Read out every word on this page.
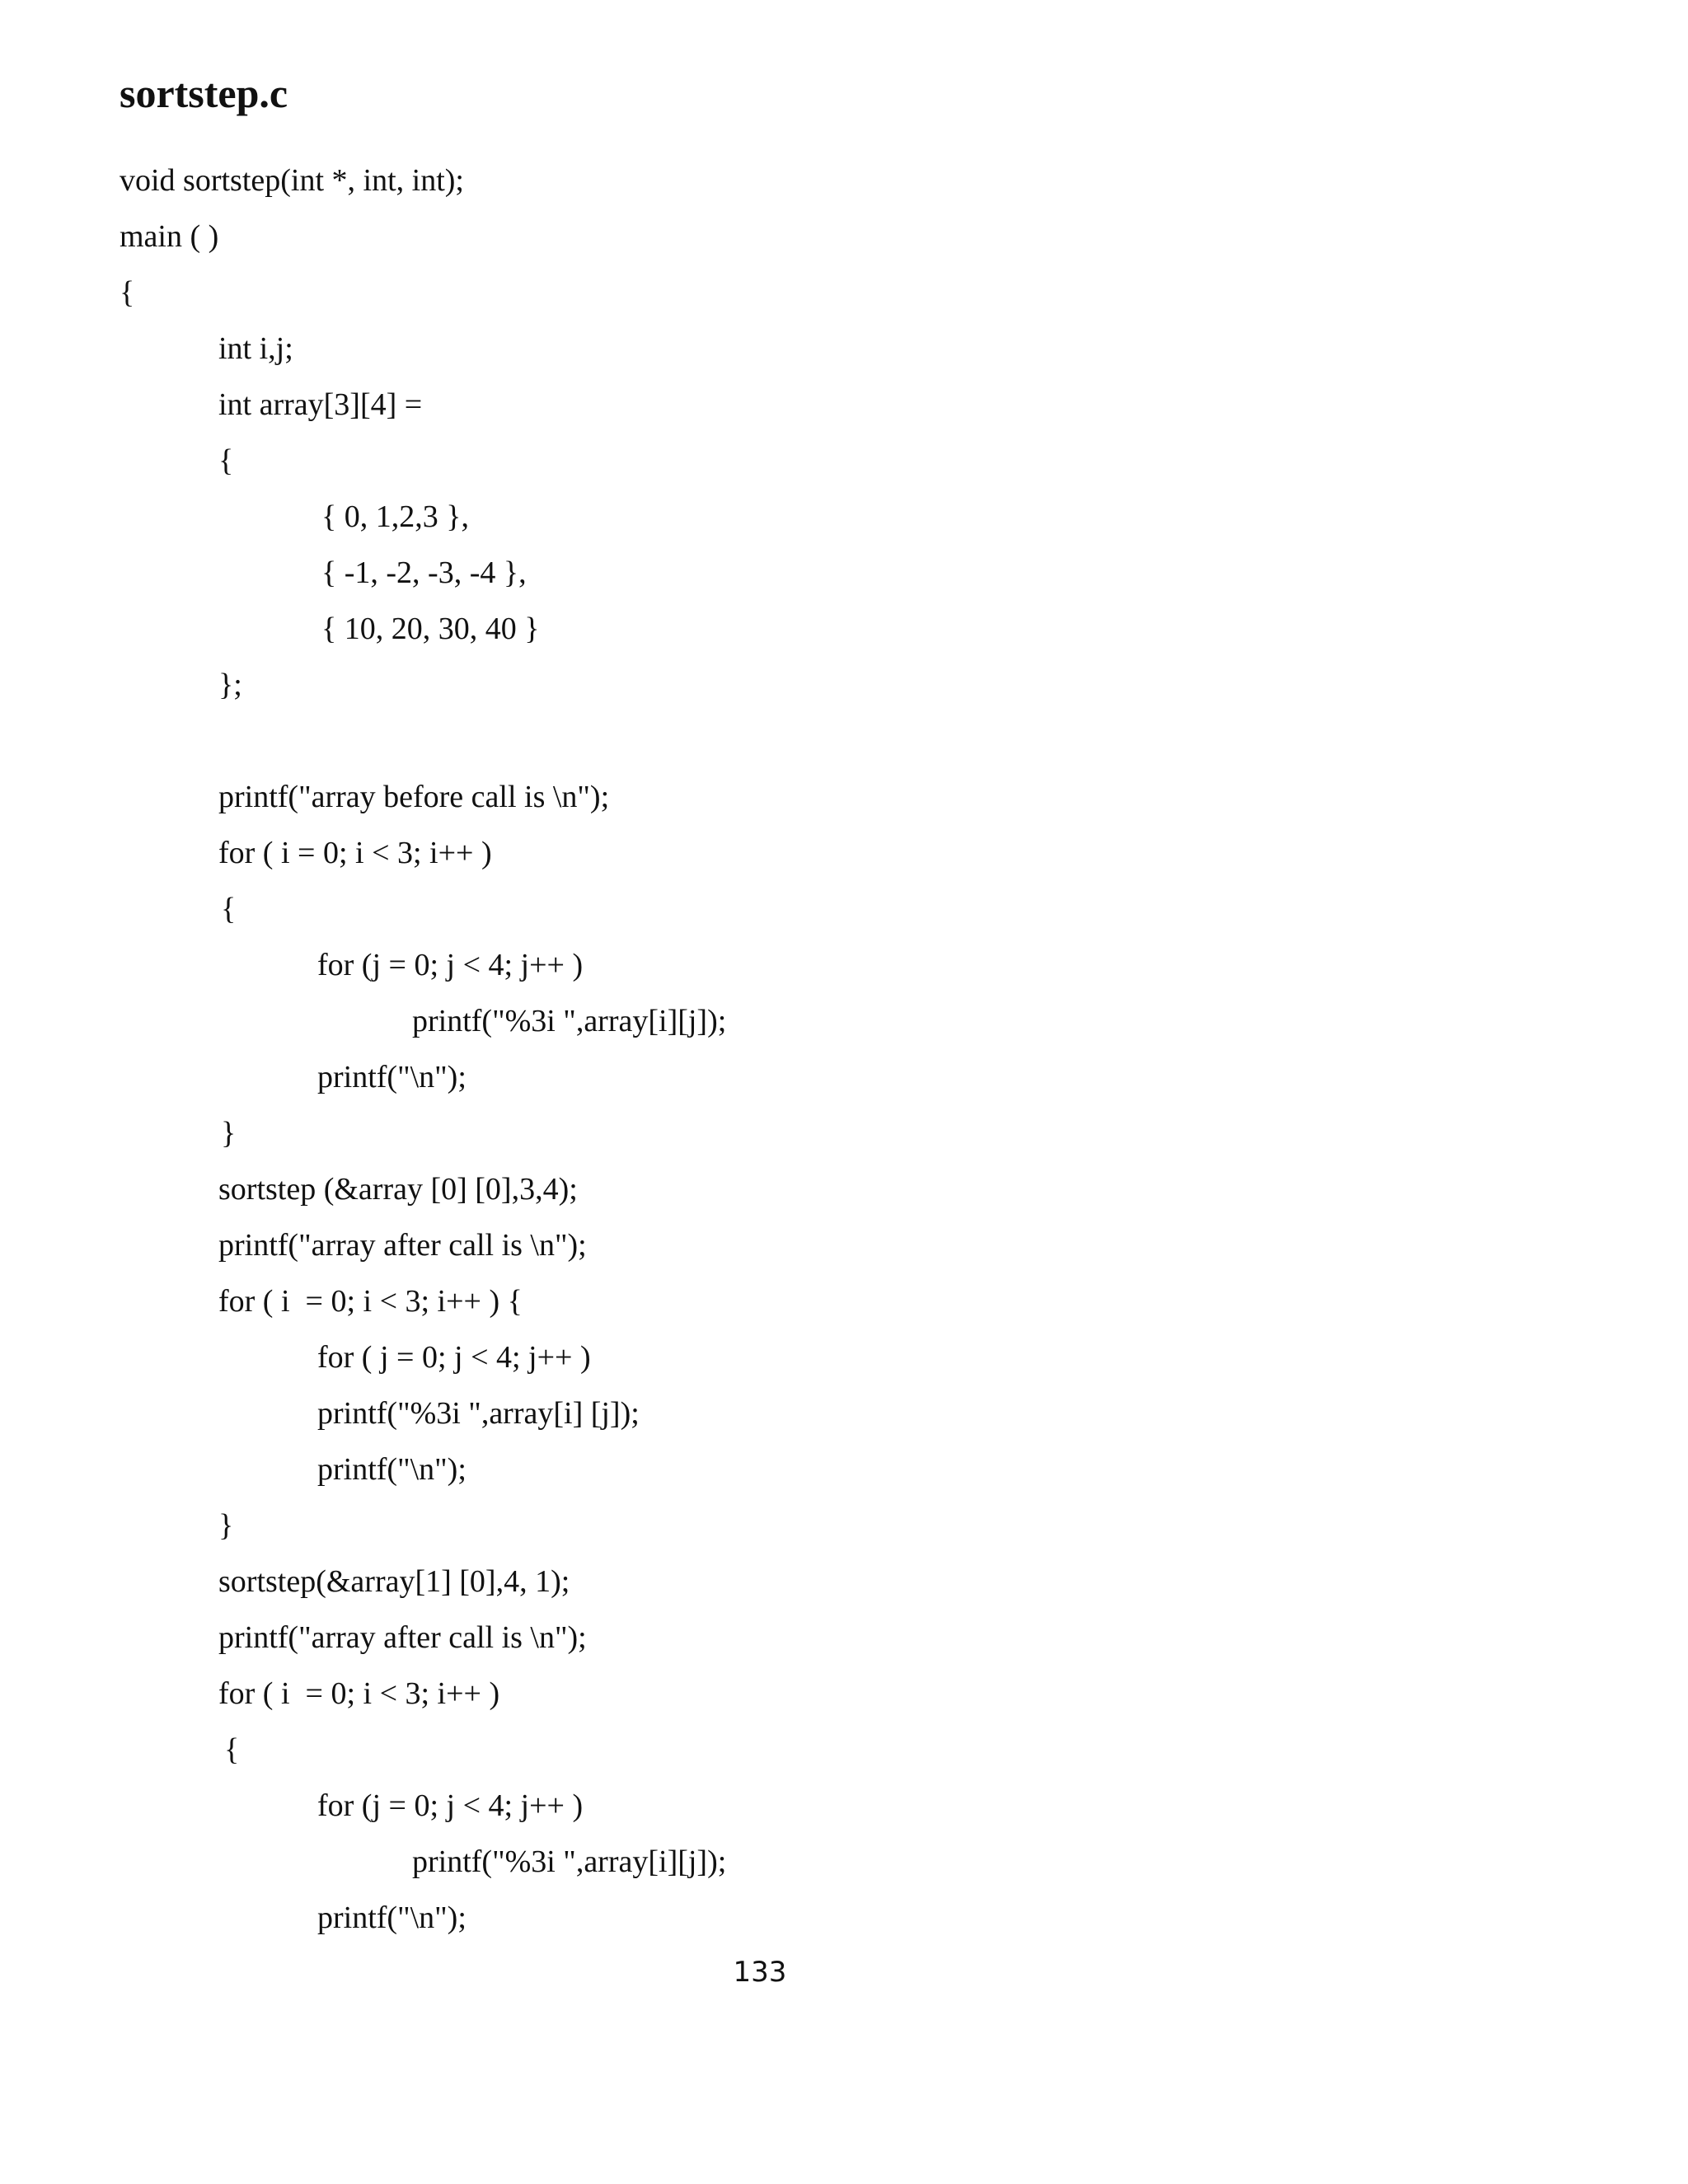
sortstep.c

void sortstep(int *, int, int);

main ( )

{

int i,j;

int array[3][4] =

{

{ 0, 1,2,3 },

{ -1, -2, -3, -4 },

{ 10, 20, 30, 40 }

};

printf("array before call is \n");

for ( i = 0; i < 3; i++ )

{

for (j = 0; j < 4; j++ )

printf("%3i ",array[i][j]);

printf("\n");

}

sortstep (&array [0] [0],3,4);

printf("array after call is \n");

for ( i  = 0; i < 3; i++ ) {

for ( j = 0; j < 4; j++ )

printf("%3i ",array[i] [j]);

printf("\n");

}

sortstep(&array[1] [0],4, 1);

printf("array after call is \n");

for ( i  = 0; i < 3; i++ )

{

for (j = 0; j < 4; j++ )

printf("%3i ",array[i][j]);

printf("\n");

133
